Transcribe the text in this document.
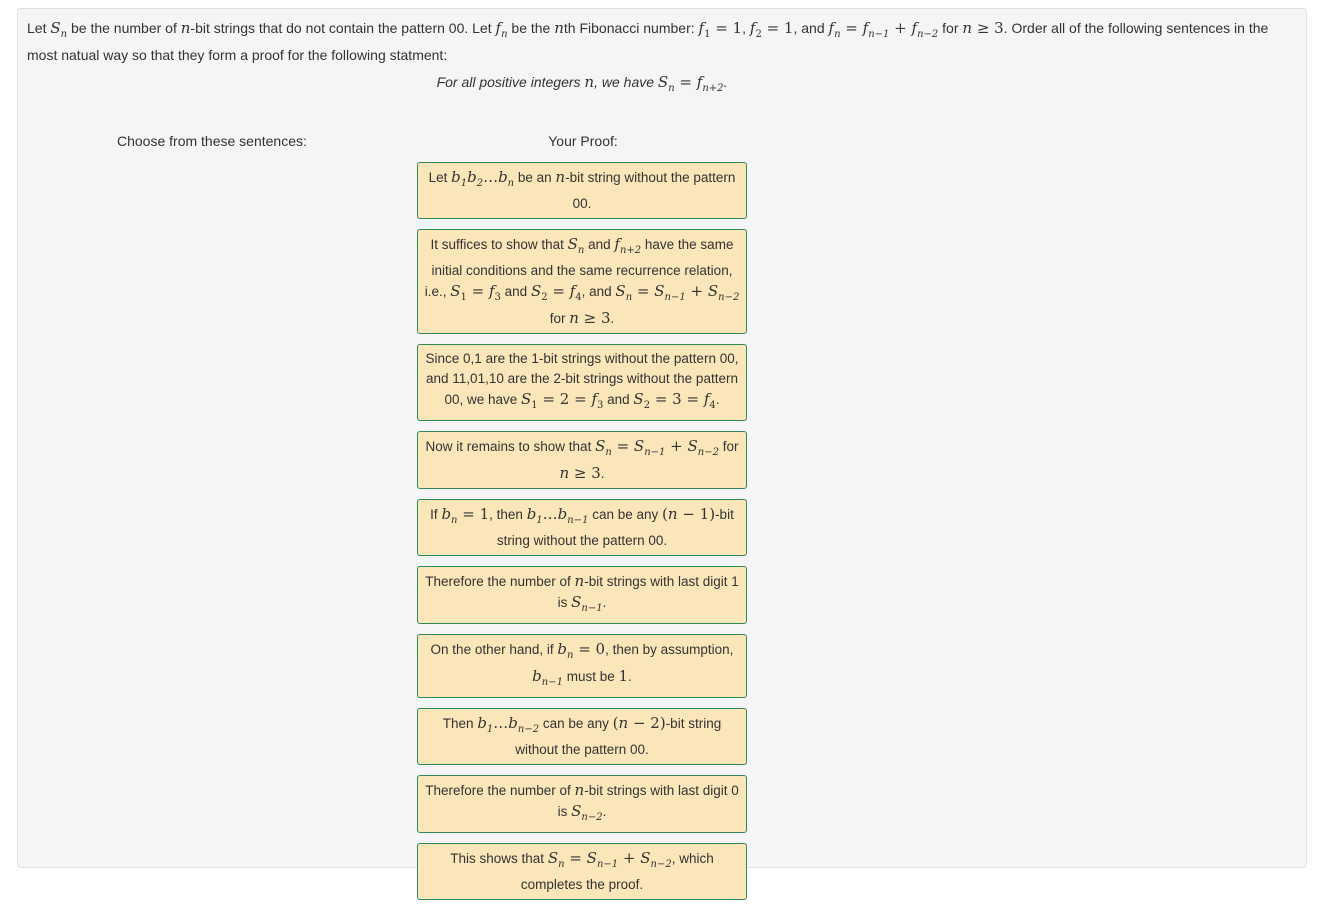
Let $S_n$ be the number of n-bit strings that do not contain the pattern 00. Let $f_n$ be the nth Fibonacci number: $f_1 = 1$, $f_2 = 1$, and $f_n = f_{n-1} + f_{n-2}$ for n ≥ 3. Order all of the following sentences in the most natual way so that they form a proof for the following statment:
For all positive integers n, we have $S_n = f_{n+2}$.
Choose from these sentences:	Your Proof:
Let $b_1b_2\dots b_n$ be an n-bit string without the pattern 00.
It suffices to show that $S_n$ and $f_{n+2}$ have the same initial conditions and the same recurrence relation, i.e., $S_1 = f_3$ and $S_2 = f_4$, and $S_n = S_{n-1} + S_{n-2}$ for n ≥ 3.
Since 0,1 are the 1-bit strings without the pattern 00, and 11,01,10 are the 2-bit strings without the pattern 00, we have $S_1 = 2 = f_3$ and $S_2 = 3 = f_4$.
Now it remains to show that $S_n = S_{n-1} + S_{n-2}$ for n ≥ 3.
If $b_n = 1$, then $b_1\dots b_{n-1}$ can be any (n − 1)-bit string without the pattern 00.
Therefore the number of n-bit strings with last digit 1 is $S_{n-1}$.
On the other hand, if $b_n = 0$, then by assumption, $b_{n-1}$ must be 1.
Then $b_1\dots b_{n-2}$ can be any (n − 2)-bit string without the pattern 00.
Therefore the number of n-bit strings with last digit 0 is $S_{n-2}$.
This shows that $S_n = S_{n-1} + S_{n-2}$, which completes the proof.
